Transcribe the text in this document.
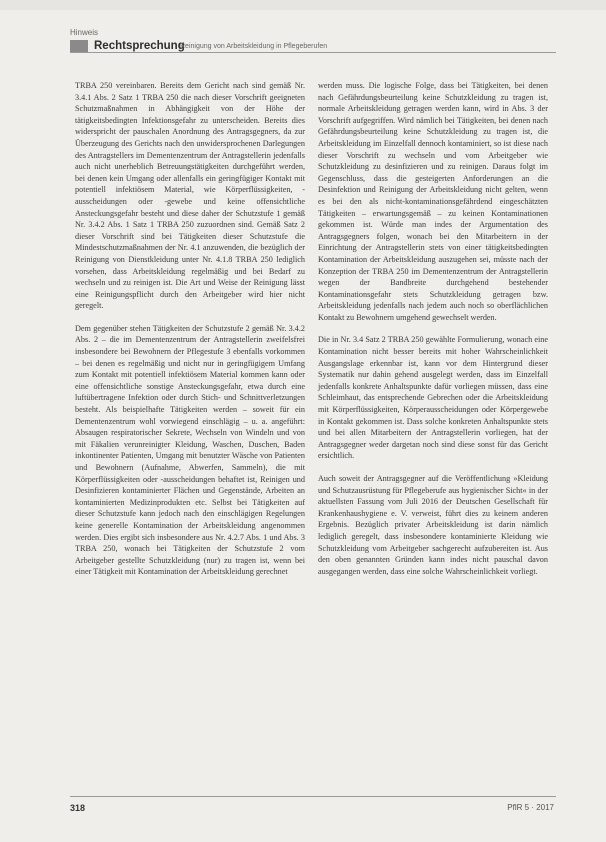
Hinweis
Rechtsprechung
Reinigung von Arbeitskleidung in Pflegeberufen

TRBA 250 vereinbaren. Bereits dem Gericht nach sind gemäß Nr. 3.4.1 Abs. 2 Satz 1 TRBA 250 die nach dieser Vorschrift geeigneten Schutzmaßnahmen in Abhängigkeit von der Höhe der tätigkeitsbedingten Infektionsgefahr zu unterscheiden. Bereits dies widerspricht der pauschalen Anordnung des Antragsgegners, da zur Überzeugung des Gerichts nach den unwidersprochenen Darlegungen des Antragstellers im Dementenzentrum der Antragstellerin jedenfalls auch nicht unerheblich Betreuungstätigkeiten durchgeführt werden, bei denen kein Umgang oder allenfalls ein geringfügiger Kontakt mit potentiell infektiösem Material, wie Körperflüssigkeiten, -ausscheidungen oder -gewebe und keine offensichtliche Ansteckungsgefahr besteht und diese daher der Schutzstufe 1 gemäß Nr. 3.4.2 Abs. 1 Satz 1 TRBA 250 zuzuordnen sind. Gemäß Satz 2 dieser Vorschrift sind bei Tätigkeiten dieser Schutzstufe die Mindestschutzmaßnahmen der Nr. 4.1 anzuwenden, die bezüglich der Reinigung von Dienstkleidung unter Nr. 4.1.8 TRBA 250 lediglich vorsehen, dass Arbeitskleidung regelmäßig und bei Bedarf zu wechseln und zu reinigen ist. Die Art und Weise der Reinigung lässt eine Reinigungspflicht durch den Arbeitgeber wird hier nicht geregelt.

Dem gegenüber stehen Tätigkeiten der Schutzstufe 2 gemäß Nr. 3.4.2 Abs. 2 – die im Dementenzentrum der Antragstellerin zweifelsfrei insbesondere bei Bewohnern der Pflegestufe 3 ebenfalls vorkommen – bei denen es regelmäßig und nicht nur in geringfügigem Umfang zum Kontakt mit potentiell infektiösem Material kommen kann oder eine offensichtliche sonstige Ansteckungsgefahr, etwa durch eine luftübertragene Infektion oder durch Stich- und Schnittverletzungen besteht. Als beispielhafte Tätigkeiten werden – soweit für ein Dementenzentrum wohl vorwiegend einschlägig – u. a. angeführt: Absaugen respiratorischer Sekrete, Wechseln von Windeln und von mit Fäkalien verunreinigter Kleidung, Waschen, Duschen, Baden inkontinenter Patienten, Umgang mit benutzter Wäsche von Patienten und Bewohnern (Aufnahme, Abwerfen, Sammeln), die mit Körperflüssigkeiten oder -ausscheidungen behaftet ist, Reinigen und Desinfizieren kontaminierter Flächen und Gegenstände, Arbeiten an kontaminierten Medizinprodukten etc. Selbst bei Tätigkeiten auf dieser Schutzstufe kann jedoch nach den einschlägigen Regelungen keine generelle Kontamination der Arbeitskleidung angenommen werden. Dies ergibt sich insbesondere aus Nr. 4.2.7 Abs. 1 und Abs. 3 TRBA 250, wonach bei Tätigkeiten der Schutzstufe 2 vom Arbeitgeber gestellte Schutzkleidung (nur) zu tragen ist, wenn bei einer Tätigkeit mit Kontamination der Arbeitskleidung gerechnet

werden muss. Die logische Folge, dass bei Tätigkeiten, bei denen nach Gefährdungsbeurteilung keine Schutzkleidung zu tragen ist, normale Arbeitskleidung getragen werden kann, wird in Abs. 3 der Vorschrift aufgegriffen. Wird nämlich bei Tätigkeiten, bei denen nach Gefährdungsbeurteilung keine Schutzkleidung zu tragen ist, die Arbeitskleidung im Einzelfall dennoch kontaminiert, so ist diese nach dieser Vorschrift zu wechseln und vom Arbeitgeber wie Schutzkleidung zu desinfizieren und zu reinigen. Daraus folgt im Gegenschluss, dass die gesteigerten Anforderungen an die Desinfektion und Reinigung der Arbeitskleidung nicht gelten, wenn es bei den als nicht-kontaminationsgefährdend eingeschätzten Tätigkeiten – erwartungsgemäß – zu keinen Kontaminationen gekommen ist. Würde man indes der Argumentation des Antragsgegners folgen, wonach bei den Mitarbeitern in der Einrichtung der Antragstellerin stets von einer tätigkeitsbedingten Kontamination der Arbeitskleidung auszugehen sei, müsste nach der Konzeption der TRBA 250 im Dementenzentrum der Antragstellerin wegen der Bandbreite durchgehend bestehender Kontaminationsgefahr stets Schutzkleidung getragen bzw. Arbeitskleidung jedenfalls nach jedem auch noch so oberflächlichen Kontakt zu Bewohnern umgehend gewechselt werden.

Die in Nr. 3.4 Satz 2 TRBA 250 gewählte Formulierung, wonach eine Kontamination nicht besser bereits mit hoher Wahrscheinlichkeit Ausgangslage erkennbar ist, kann vor dem Hintergrund dieser Systematik nur dahin gehend ausgelegt werden, dass im Einzelfall jedenfalls konkrete Anhaltspunkte dafür vorliegen müssen, dass eine Schleimhaut, das entsprechende Gebrechen oder die Arbeitskleidung mit Körperflüssigkeiten, Körperausscheidungen oder Körpergewebe in Kontakt gekommen ist. Dass solche konkreten Anhaltspunkte stets und bei allen Mitarbeitern der Antragstellerin vorliegen, hat der Antragsgegner weder dargetan noch sind diese sonst für das Gericht ersichtlich.

Auch soweit der Antragsgegner auf die Veröffentlichung »Kleidung und Schutzausrüstung für Pflegeberufe aus hygienischer Sicht« in der aktuellsten Fassung vom Juli 2016 der Deutschen Gesellschaft für Krankenhaushygiene e. V. verweist, führt dies zu keinem anderen Ergebnis. Bezüglich privater Arbeitskleidung ist darin nämlich lediglich geregelt, dass insbesondere kontaminierte Kleidung wie Schutzkleidung vom Arbeitgeber sachgerecht aufzubereiten ist. Aus den oben genannten Gründen kann indes nicht pauschal davon ausgegangen werden, dass eine solche Wahrscheinlichkeit vorliegt.

318	PflR 5 · 2017
